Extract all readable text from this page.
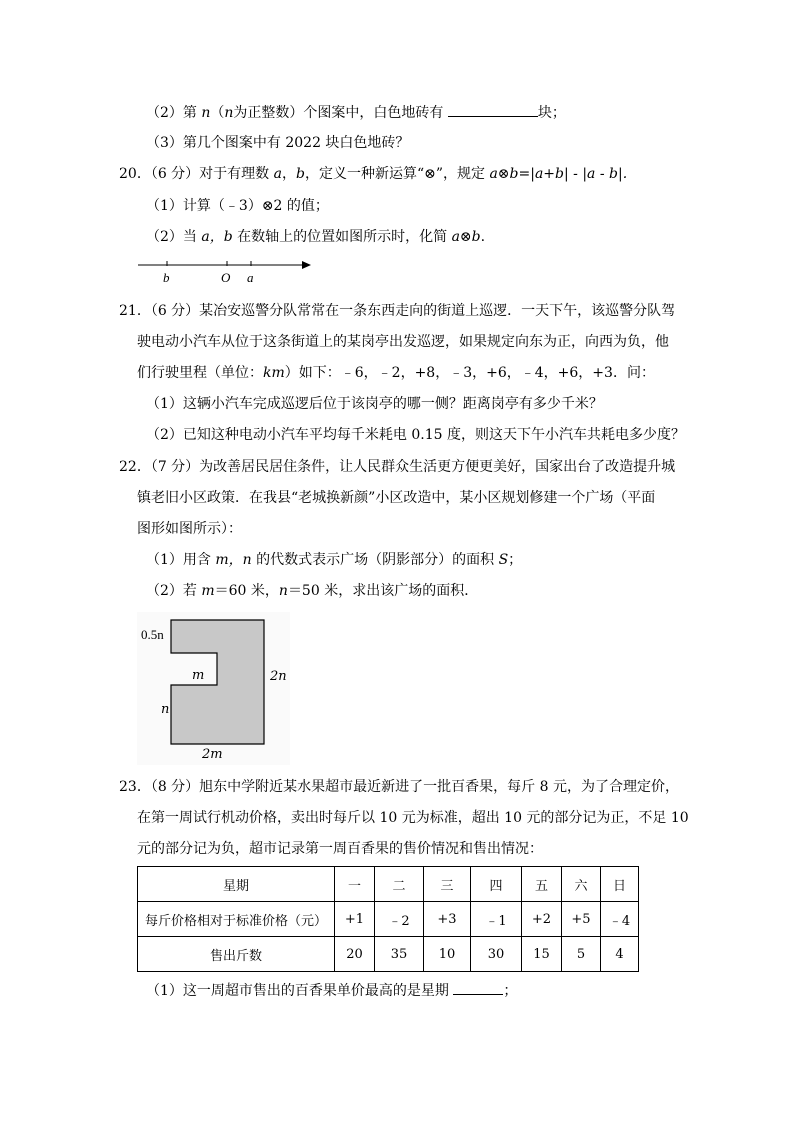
（2）第 n（n为正整数）个图案中，白色地砖有	块；
（3）第几个图案中有 2022 块白色地砖？
20．（6 分）对于有理数 a，b，定义一种新运算“⊗”，规定 a⊗b=|a+b| - |a - b|.
（1）计算（﹣3）⊗2 的值；
（2）当 a，b 在数轴上的位置如图所示时，化简 a⊗b.
b	O a
21．（6 分）某冶安巡警分队常常在一条东西走向的街道上巡逻．一天下午，该巡警分队驾
驶电动小汽车从位于这条街道上的某岗亭出发巡逻，如果规定向东为正，向西为负，他
们行驶里程（单位：km）如下：﹣6，﹣2，+8，﹣3，+6，﹣4，+6，+3．问：
（1）这辆小汽车完成巡逻后位于该岗亭的哪一侧？距离岗亭有多少千米？
（2）已知这种电动小汽车平均每千米耗电 0.15 度，则这天下午小汽车共耗电多少度？
22．（7 分）为改善居民居住条件，让人民群众生活更方便更美好，国家出台了改造提升城
镇老旧小区政策．在我县“老城换新颜”小区改造中，某小区规划修建一个广场（平面
图形如图所示）：
（1）用含 m，n 的代数式表示广场（阴影部分）的面积 S；
（2）若 m＝60 米，n＝50 米，求出该广场的面积．
0.5n
m	2n
n
2m
23．（8 分）旭东中学附近某水果超市最近新进了一批百香果，每斤 8 元，为了合理定价，
在第一周试行机动价格，卖出时每斤以 10 元为标准，超出 10 元的部分记为正，不足 10
元的部分记为负，超市记录第一周百香果的售价情况和售出情况：
星期	一	二	三	四	五	六	日
每斤价格相对于标准价格（元）	+1	﹣2	+3	﹣1	+2	+5	﹣4
售出斤数	20	35	10	30	15	5	4
（1）这一周超市售出的百香果单价最高的是星期	；
